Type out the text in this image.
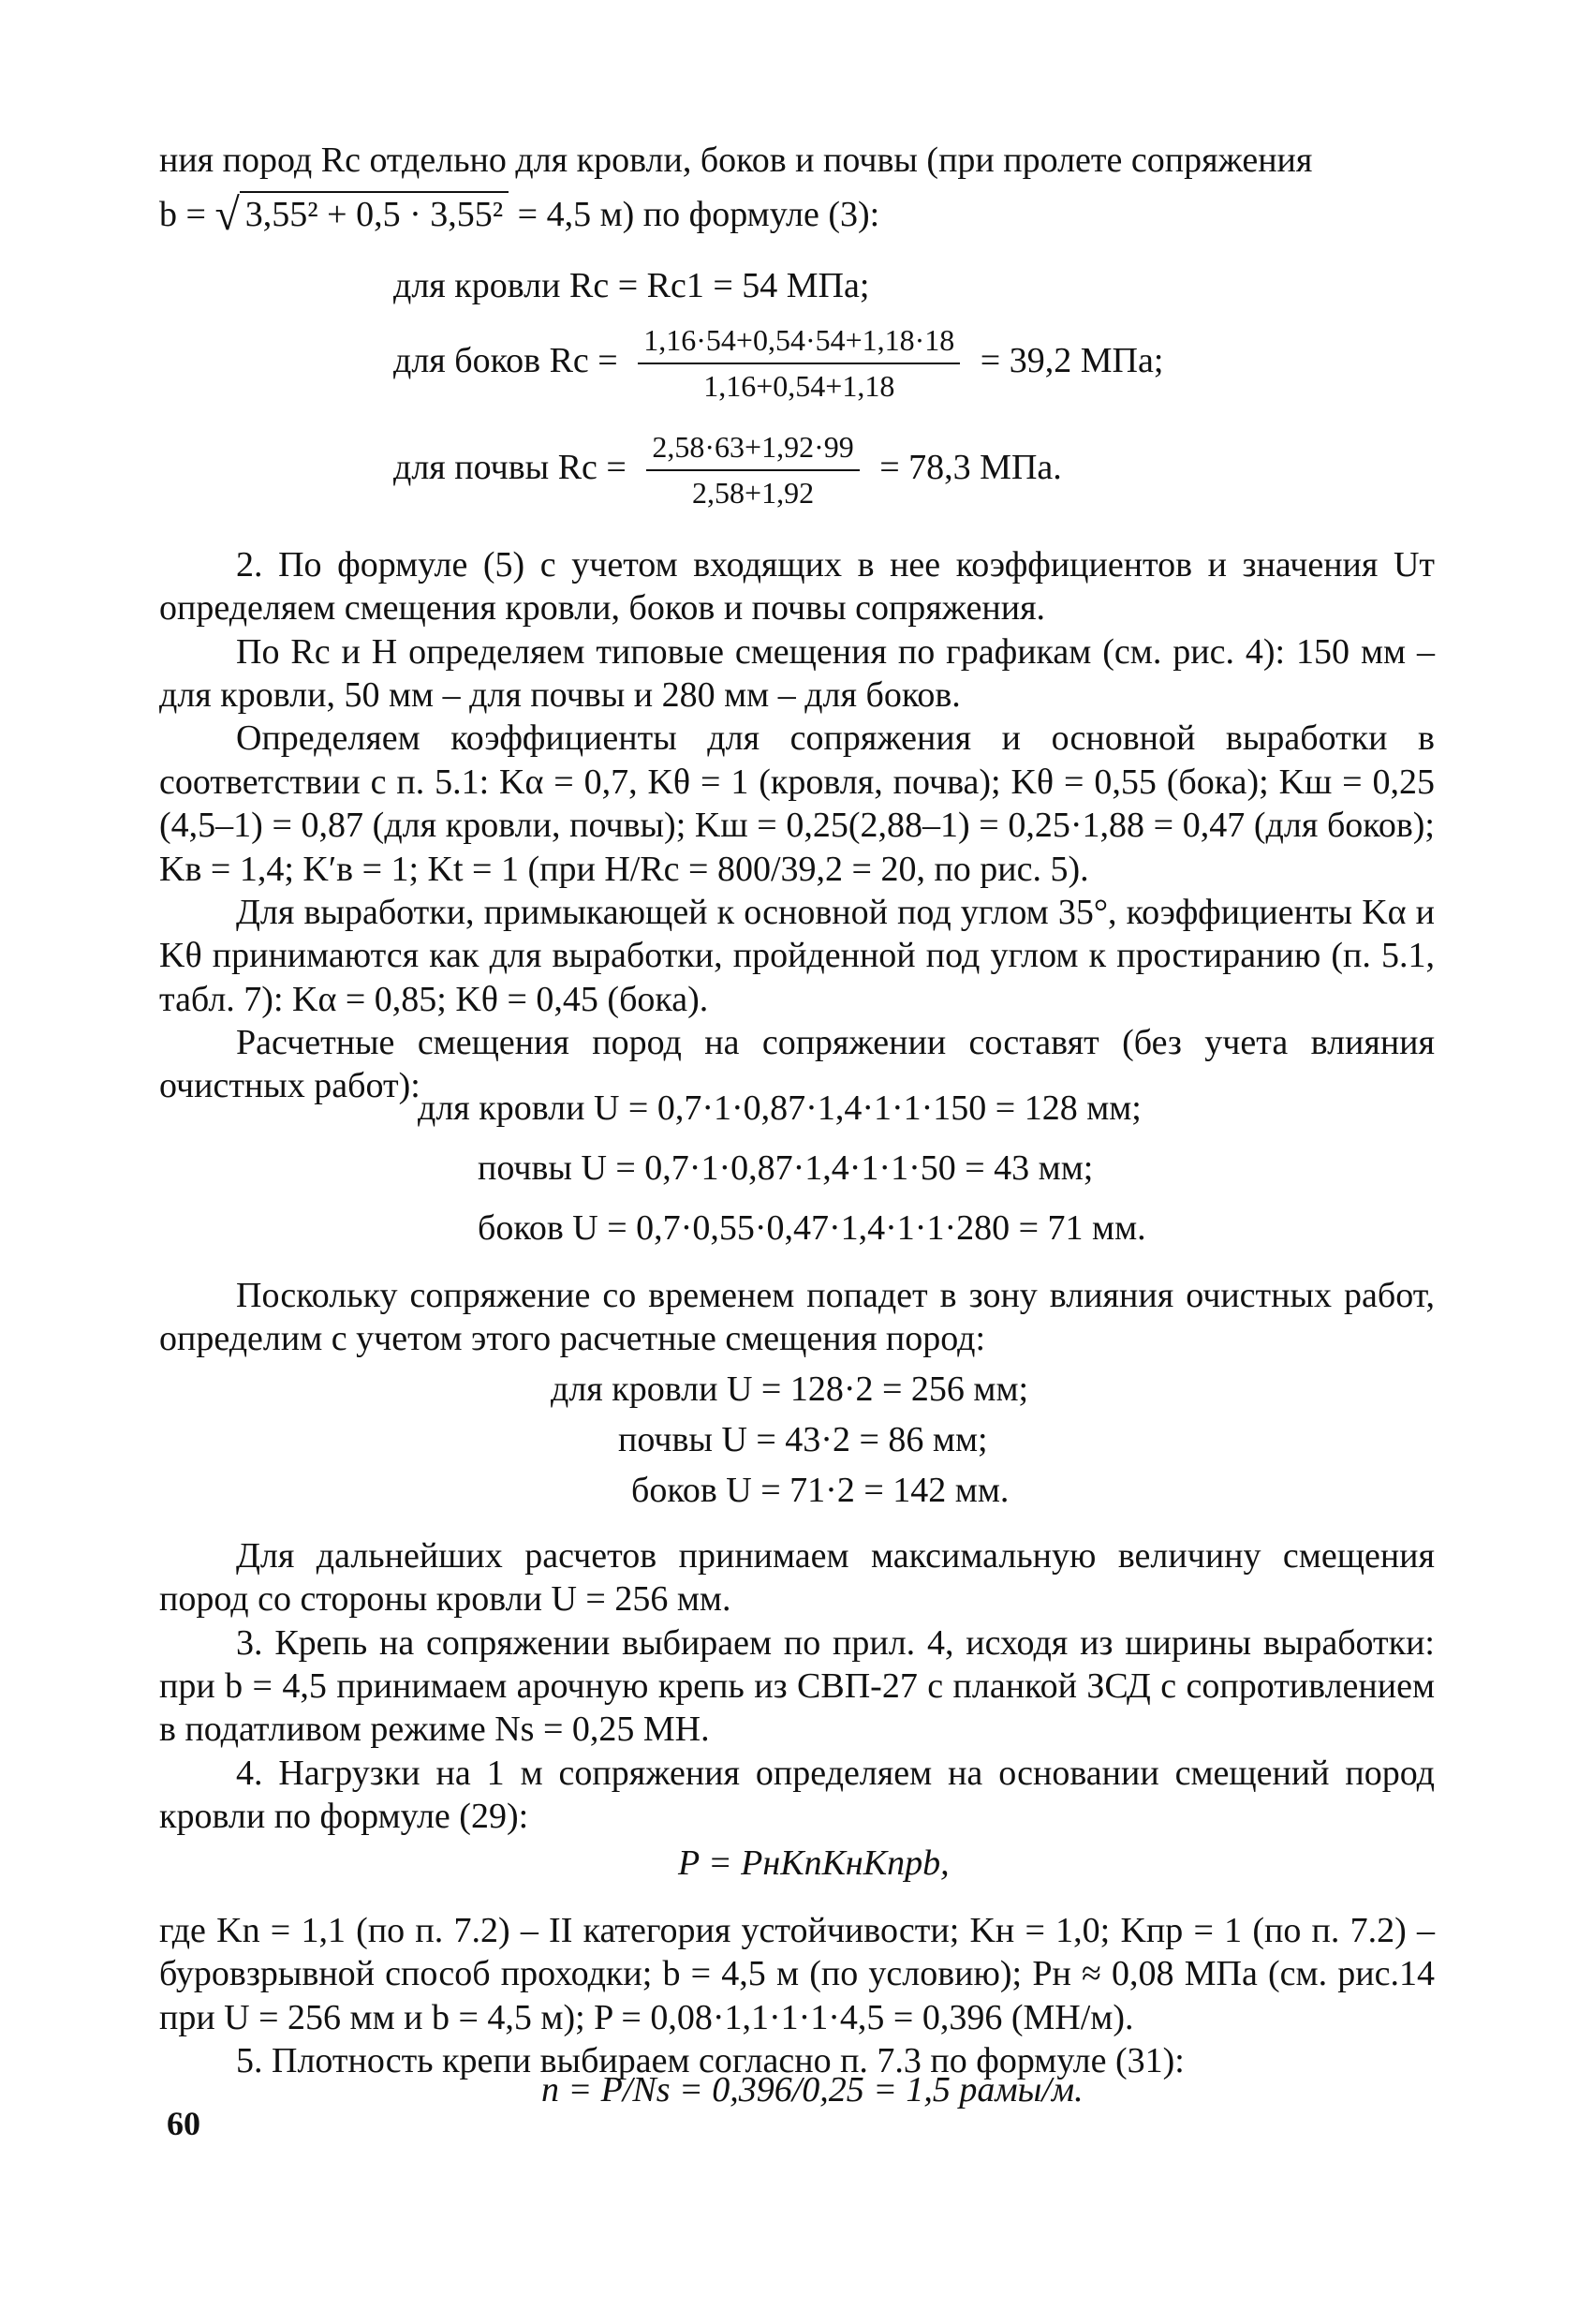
ния пород Rс отдельно для кровли, боков и почвы (при пролете сопряжения
b = √ 3,55² + 0,5 · 3,55² = 4,5 м) по формуле (3):
для кровли Rс = Rс1 = 54 МПа;
для боков Rс = $\frac{1,16\cdot 54+0,54\cdot 54+1,18\cdot 18}{1,16+0,54+1,18} = 39,2$ МПа;
для почвы Rс = $\frac{2,58\cdot 63+1,92\cdot 99}{2,58+1,92} = 78,3$ МПа.

2. По формуле (5) с учетом входящих в нее коэффициентов и значения Uт определяем смещения кровли, боков и почвы сопряжения.

По Rс и H определяем типовые смещения по графикам (см. рис. 4): 150 мм – для кровли, 50 мм – для почвы и 280 мм – для боков.

Определяем коэффициенты для сопряжения и основной выработки в соответствии с п. 5.1: Kα = 0,7, Kθ = 1 (кровля, почва); Kθ = 0,55 (бока); Kш = 0,25 (4,5–1) = 0,87 (для кровли, почвы); Kш = 0,25(2,88–1) = 0,25·1,88 = 0,47 (для боков); Kв = 1,4; K′в = 1; Kt = 1 (при H/Rс = 800/39,2 = 20, по рис. 5).

Для выработки, примыкающей к основной под углом 35°, коэффициенты Kα и Kθ принимаются как для выработки, пройденной под углом к простиранию (п. 5.1, табл. 7): Kα = 0,85; Kθ = 0,45 (бока).

Расчетные смещения пород на сопряжении составят (без учета влияния очистных работ):

для кровли U = 0,7·1·0,87·1,4·1·1·150 = 128 мм;
почвы U = 0,7·1·0,87·1,4·1·1·50 = 43 мм;
боков U = 0,7·0,55·0,47·1,4·1·1·280 = 71 мм.

Поскольку сопряжение со временем попадет в зону влияния очистных работ, определим с учетом этого расчетные смещения пород:

для кровли U = 128·2 = 256 мм;
почвы U = 43·2 = 86 мм;
боков U = 71·2 = 142 мм.

Для дальнейших расчетов принимаем максимальную величину смещения пород со стороны кровли U = 256 мм.

3. Крепь на сопряжении выбираем по прил. 4, исходя из ширины выработки: при b = 4,5 принимаем арочную крепь из СВП-27 с планкой ЗСД с сопротивлением в податливом режиме Ns = 0,25 МН.

4. Нагрузки на 1 м сопряжения определяем на основании смещений пород кровли по формуле (29):

P = PнKnKнKпрb,

где Kn = 1,1 (по п. 7.2) – II категория устойчивости; Kн = 1,0; Kпр = 1 (по п. 7.2) – буровзрывной способ проходки; b = 4,5 м (по условию); Pн ≈ 0,08 МПа (см. рис.14 при U = 256 мм и b = 4,5 м); P = 0,08·1,1·1·1·4,5 = 0,396 (МН/м).

5. Плотность крепи выбираем согласно п. 7.3 по формуле (31):

n = P/Ns = 0,396/0,25 = 1,5 рамы/м.
60
